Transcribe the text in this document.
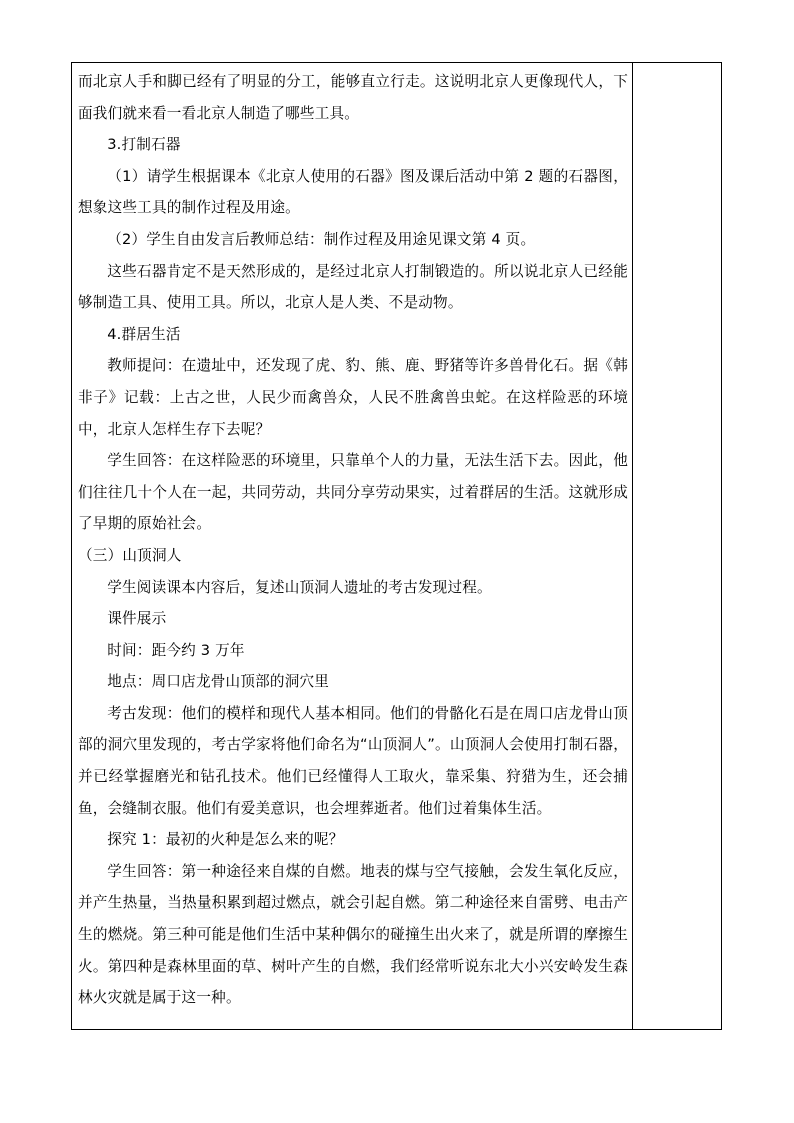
而北京人手和脚已经有了明显的分工，能够直立行走。这说明北京人更像现代人，下面我们就来看一看北京人制造了哪些工具。

3.打制石器

（1）请学生根据课本《北京人使用的石器》图及课后活动中第 2 题的石器图，想象这些工具的制作过程及用途。

（2）学生自由发言后教师总结：制作过程及用途见课文第 4 页。

这些石器肯定不是天然形成的，是经过北京人打制锻造的。所以说北京人已经能够制造工具、使用工具。所以，北京人是人类、不是动物。

4.群居生活

教师提问：在遗址中，还发现了虎、豹、熊、鹿、野猪等许多兽骨化石。据《韩非子》记载：上古之世，人民少而禽兽众，人民不胜禽兽虫蛇。在这样险恶的环境中，北京人怎样生存下去呢？

学生回答：在这样险恶的环境里，只靠单个人的力量，无法生活下去。因此，他们往往几十个人在一起，共同劳动，共同分享劳动果实，过着群居的生活。这就形成了早期的原始社会。

（三）山顶洞人

学生阅读课本内容后，复述山顶洞人遗址的考古发现过程。

课件展示

时间：距今约 3 万年

地点：周口店龙骨山顶部的洞穴里

考古发现：他们的模样和现代人基本相同。他们的骨骼化石是在周口店龙骨山顶部的洞穴里发现的，考古学家将他们命名为“山顶洞人”。山顶洞人会使用打制石器，并已经掌握磨光和钻孔技术。他们已经懂得人工取火，靠采集、狩猎为生，还会捕鱼，会缝制衣服。他们有爱美意识，也会埋葬逝者。他们过着集体生活。

探究 1：最初的火种是怎么来的呢？

学生回答：第一种途径来自煤的自燃。地表的煤与空气接触，会发生氧化反应，并产生热量，当热量积累到超过燃点，就会引起自燃。第二种途径来自雷劈、电击产生的燃烧。第三种可能是他们生活中某种偶尔的碰撞生出火来了，就是所谓的摩擦生火。第四种是森林里面的草、树叶产生的自燃，我们经常听说东北大小兴安岭发生森林火灾就是属于这一种。
